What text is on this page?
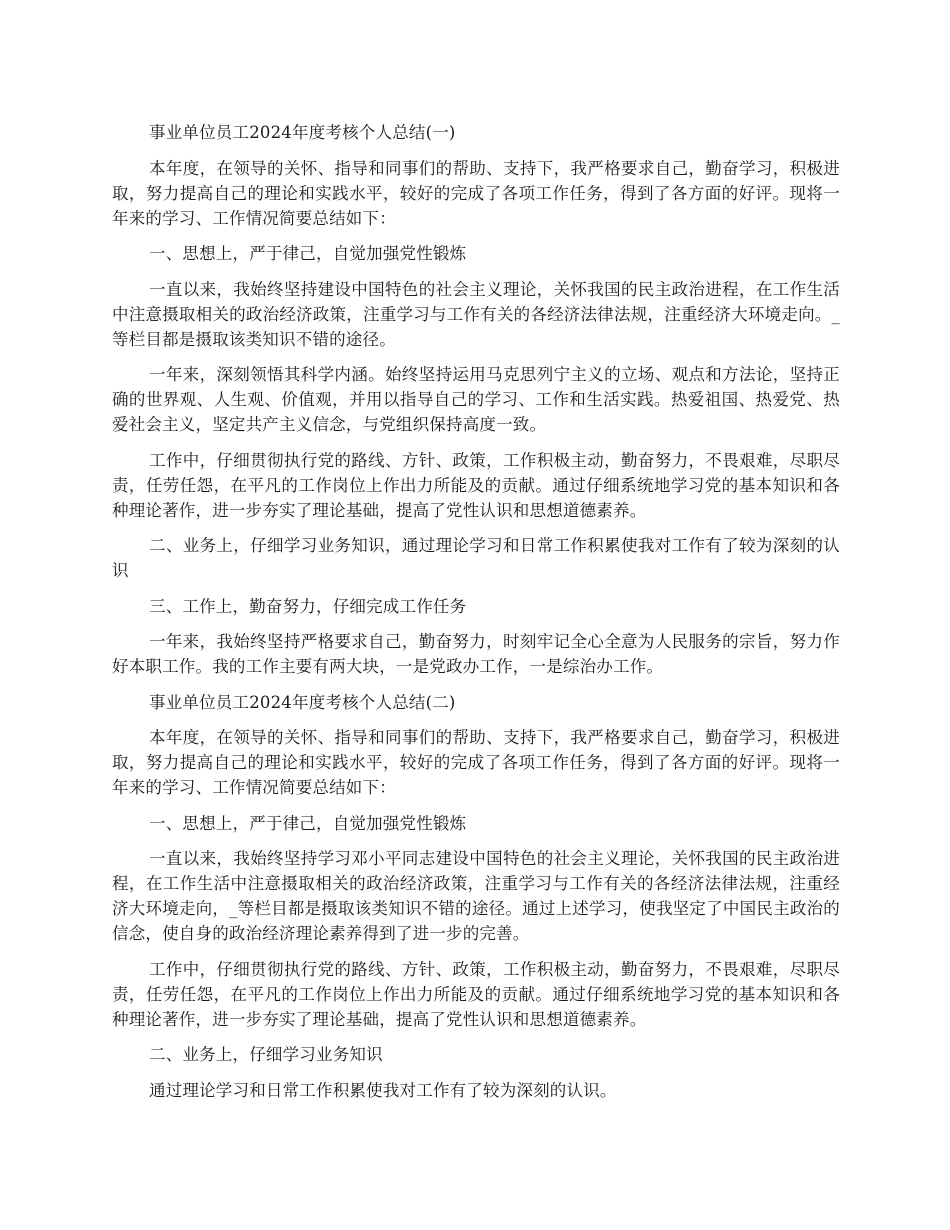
事业单位员工2024年度考核个人总结(一)

本年度，在领导的关怀、指导和同事们的帮助、支持下，我严格要求自己，勤奋学习，积极进取，努力提高自己的理论和实践水平，较好的完成了各项工作任务，得到了各方面的好评。现将一年来的学习、工作情况简要总结如下：

一、思想上，严于律己，自觉加强党性锻炼

一直以来，我始终坚持建设中国特色的社会主义理论，关怀我国的民主政治进程，在工作生活中注意摄取相关的政治经济政策，注重学习与工作有关的各经济法律法规，注重经济大环境走向。_等栏目都是摄取该类知识不错的途径。

一年来，深刻领悟其科学内涵。始终坚持运用马克思列宁主义的立场、观点和方法论，坚持正确的世界观、人生观、价值观，并用以指导自己的学习、工作和生活实践。热爱祖国、热爱党、热爱社会主义，坚定共产主义信念，与党组织保持高度一致。

工作中，仔细贯彻执行党的路线、方针、政策，工作积极主动，勤奋努力，不畏艰难，尽职尽责，任劳任怨，在平凡的工作岗位上作出力所能及的贡献。通过仔细系统地学习党的基本知识和各种理论著作，进一步夯实了理论基础，提高了党性认识和思想道德素养。

二、业务上，仔细学习业务知识，通过理论学习和日常工作积累使我对工作有了较为深刻的认识

三、工作上，勤奋努力，仔细完成工作任务

一年来，我始终坚持严格要求自己，勤奋努力，时刻牢记全心全意为人民服务的宗旨，努力作好本职工作。我的工作主要有两大块，一是党政办工作，一是综治办工作。

事业单位员工2024年度考核个人总结(二)

本年度，在领导的关怀、指导和同事们的帮助、支持下，我严格要求自己，勤奋学习，积极进取，努力提高自己的理论和实践水平，较好的完成了各项工作任务，得到了各方面的好评。现将一年来的学习、工作情况简要总结如下：

一、思想上，严于律己，自觉加强党性锻炼

一直以来，我始终坚持学习邓小平同志建设中国特色的社会主义理论，关怀我国的民主政治进程，在工作生活中注意摄取相关的政治经济政策，注重学习与工作有关的各经济法律法规，注重经济大环境走向，_等栏目都是摄取该类知识不错的途径。通过上述学习，使我坚定了中国民主政治的信念，使自身的政治经济理论素养得到了进一步的完善。

工作中，仔细贯彻执行党的路线、方针、政策，工作积极主动，勤奋努力，不畏艰难，尽职尽责，任劳任怨，在平凡的工作岗位上作出力所能及的贡献。通过仔细系统地学习党的基本知识和各种理论著作，进一步夯实了理论基础，提高了党性认识和思想道德素养。

二、业务上，仔细学习业务知识

通过理论学习和日常工作积累使我对工作有了较为深刻的认识。
